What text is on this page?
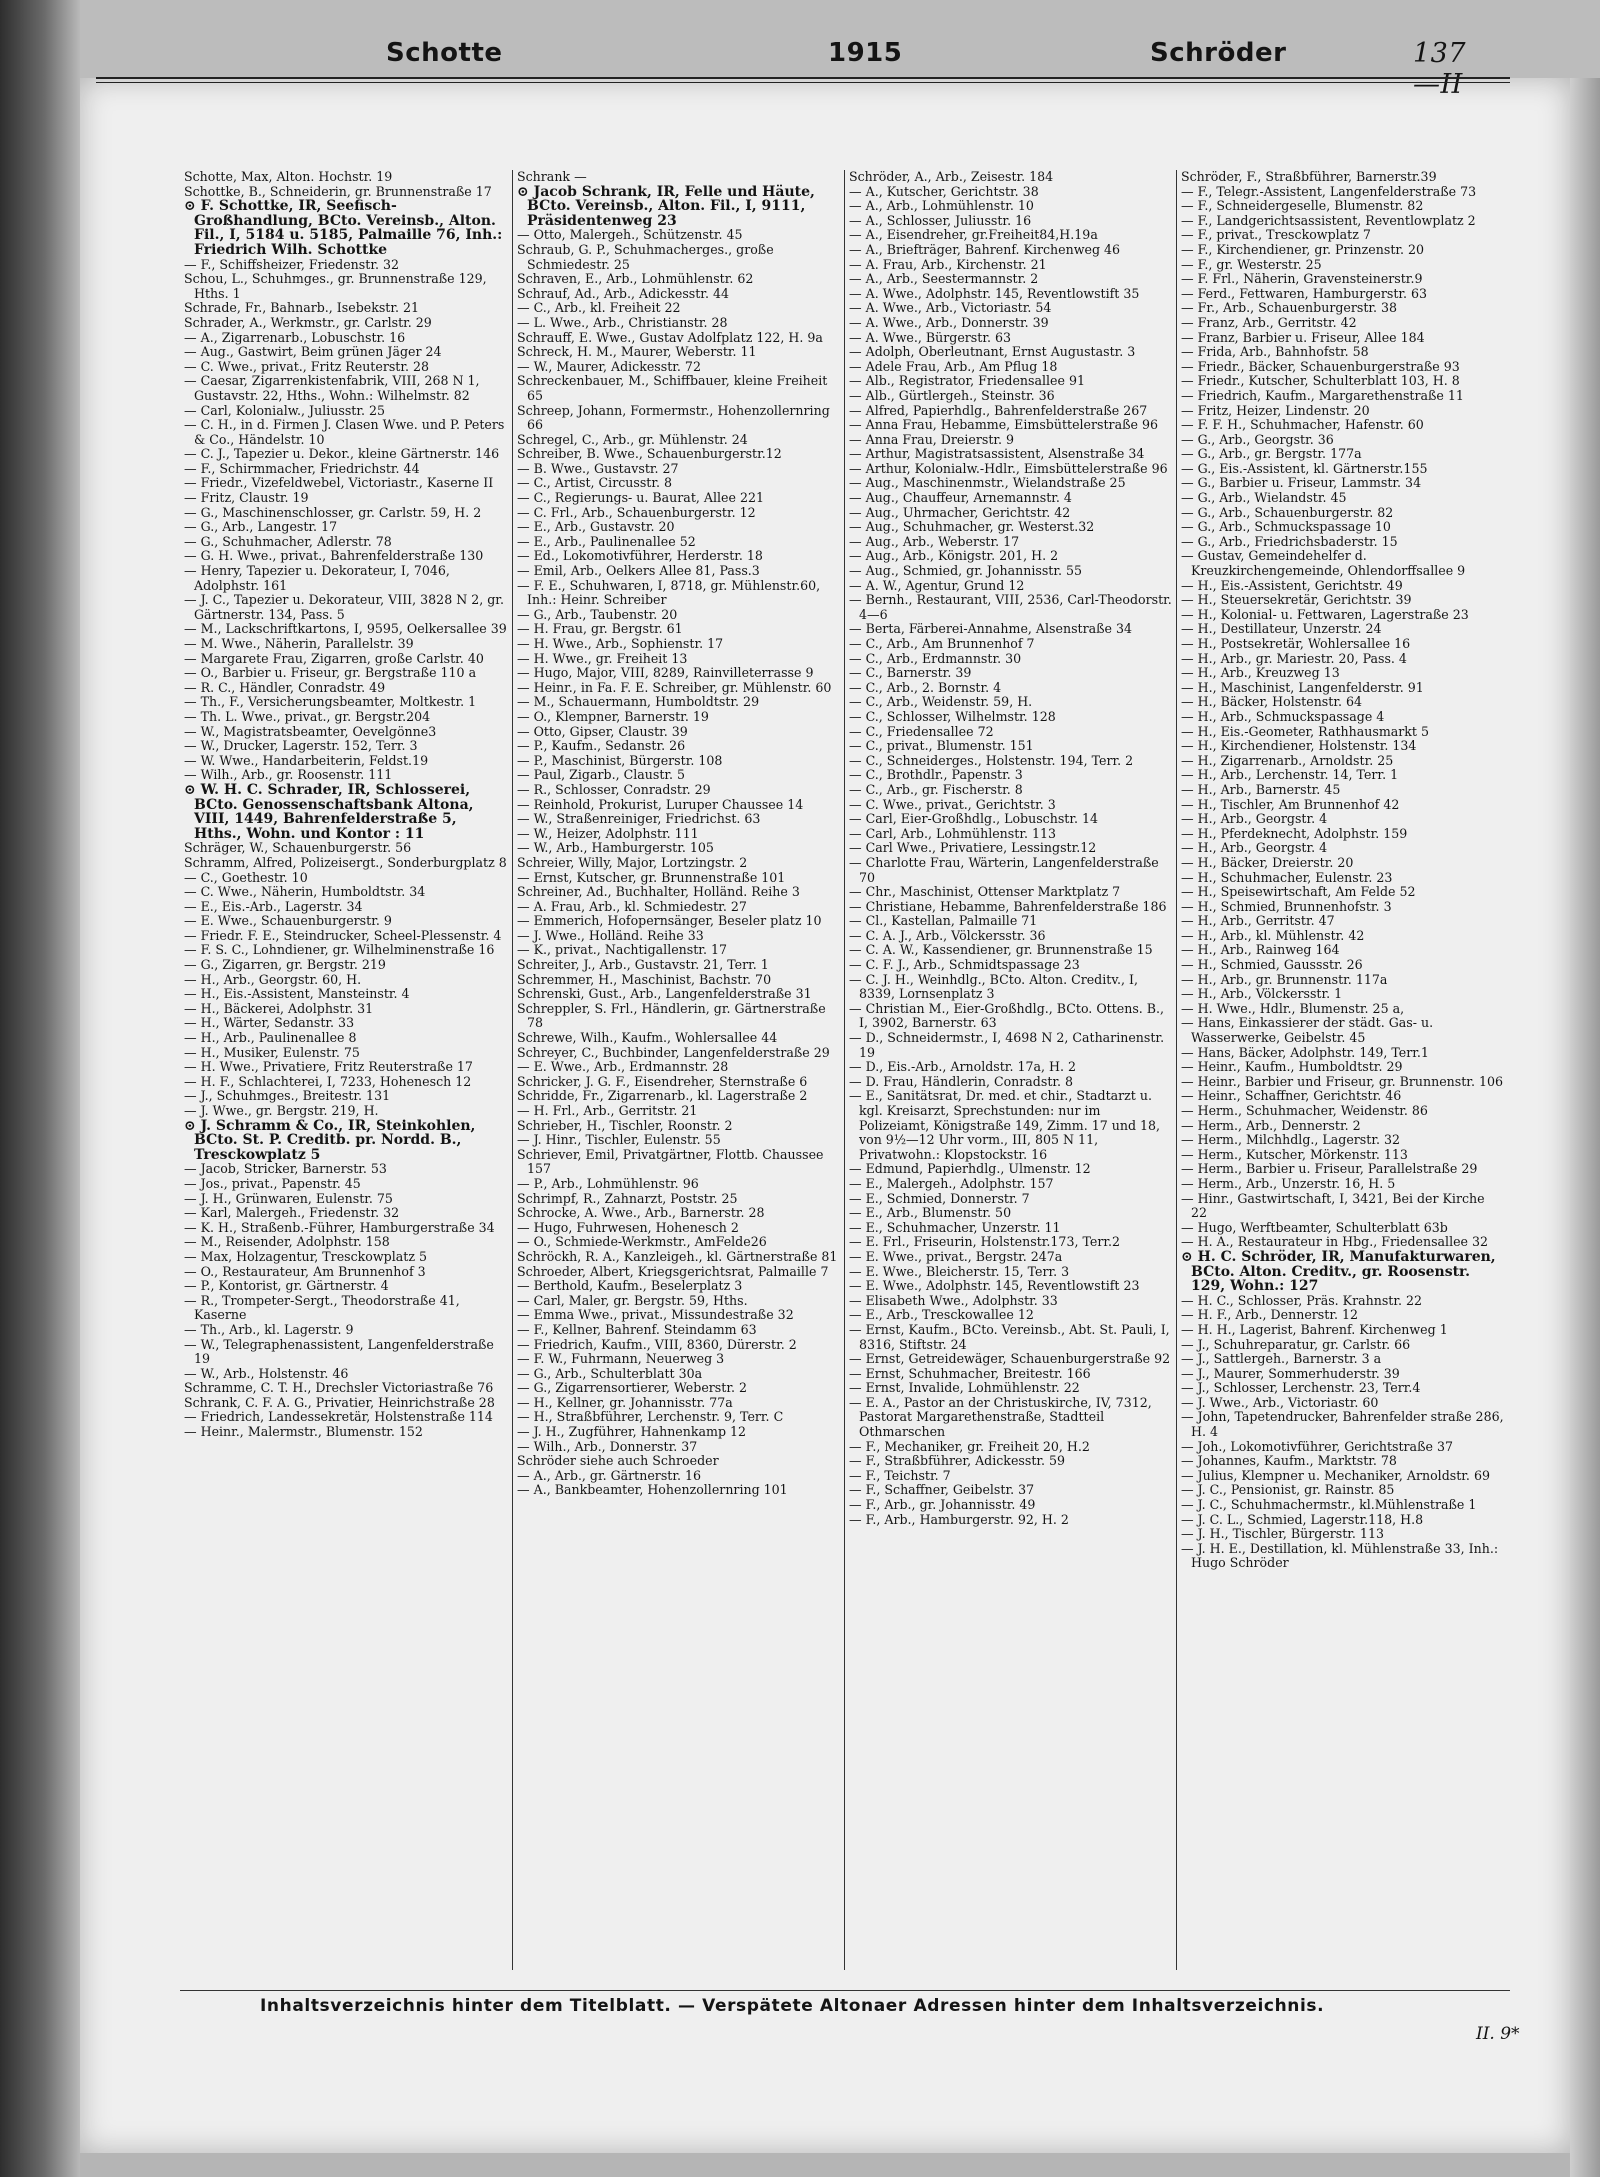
Schotte	1915	Schröder	137—II

Schotte, Max, Alton. Hochstr. 19

Schottke, B., Schneiderin, gr. Brunnenstraße 17

⊙ F. Schottke, IR, Seefisch-Großhandlung, BCto. Vereinsb., Alton. Fil., I, 5184 u. 5185, Palmaille 76, Inh.: Friedrich Wilh. Schottke

— F., Schiffsheizer, Friedenstr. 32

Schou, L., Schuhmges., gr. Brunnenstraße 129, Hths. 1

Schrade, Fr., Bahnarb., Isebekstr. 21

Schrader, A., Werkmstr., gr. Carlstr. 29

— A., Zigarrenarb., Lobuschstr. 16

— Aug., Gastwirt, Beim grünen Jäger 24

— C. Wwe., privat., Fritz Reuterstr. 28

— Caesar, Zigarrenkistenfabrik, VIII, 268 N 1, Gustavstr. 22, Hths., Wohn.: Wilhelmstr. 82

— Carl, Kolonialw., Juliusstr. 25

— C. H., in d. Firmen J. Clasen Wwe. und P. Peters & Co., Händelstr. 10

— C. J., Tapezier u. Dekor., kleine Gärtnerstr. 146

— F., Schirmmacher, Friedrichstr. 44

— Friedr., Vizefeldwebel, Victoriastr., Kaserne II

— Fritz, Claustr. 19

— G., Maschinenschlosser, gr. Carlstr. 59, H. 2

— G., Arb., Langestr. 17

— G., Schuhmacher, Adlerstr. 78

— G. H. Wwe., privat., Bahrenfelderstraße 130

— Henry, Tapezier u. Dekorateur, I, 7046, Adolphstr. 161

— J. C., Tapezier u. Dekorateur, VIII, 3828 N 2, gr. Gärtnerstr. 134, Pass. 5

— M., Lackschriftkartons, I, 9595, Oelkersallee 39

— M. Wwe., Näherin, Parallelstr. 39

— Margarete Frau, Zigarren, große Carlstr. 40

— O., Barbier u. Friseur, gr. Bergstraße 110 a

— R. C., Händler, Conradstr. 49

— Th., F., Versicherungsbeamter, Moltkestr. 1

— Th. L. Wwe., privat., gr. Bergstr.204

— W., Magistratsbeamter, Oevelgönne3

— W., Drucker, Lagerstr. 152, Terr. 3

— W. Wwe., Handarbeiterin, Feldst.19

— Wilh., Arb., gr. Roosenstr. 111

⊙ W. H. C. Schrader, IR, Schlosserei, BCto. Genossenschaftsbank Altona, VIII, 1449, Bahrenfelderstraße 5, Hths., Wohn. und Kontor : 11

Schräger, W., Schauenburgerstr. 56

Schramm, Alfred, Polizeisergt., Sonderburgplatz 8

— C., Goethestr. 10

— C. Wwe., Näherin, Humboldtstr. 34

— E., Eis.-Arb., Lagerstr. 34

— E. Wwe., Schauenburgerstr. 9

— Friedr. F. E., Steindrucker, Scheel-Plessenstr. 4

— F. S. C., Lohndiener, gr. Wilhelminenstraße 16

— G., Zigarren, gr. Bergstr. 219

— H., Arb., Georgstr. 60, H.

— H., Eis.-Assistent, Mansteinstr. 4

— H., Bäckerei, Adolphstr. 31

— H., Wärter, Sedanstr. 33

— H., Arb., Paulinenallee 8

— H., Musiker, Eulenstr. 75

— H. Wwe., Privatiere, Fritz Reuterstraße 17

— H. F., Schlachterei, I, 7233, Hohenesch 12

— J., Schuhmges., Breitestr. 131

— J. Wwe., gr. Bergstr. 219, H.

⊙ J. Schramm & Co., IR, Steinkohlen, BCto. St. P. Creditb. pr. Nordd. B., Tresckowplatz 5

— Jacob, Stricker, Barnerstr. 53

— Jos., privat., Papenstr. 45

— J. H., Grünwaren, Eulenstr. 75

— Karl, Malergeh., Friedenstr. 32

— K. H., Straßenb.-Führer, Hamburgerstraße 34

— M., Reisender, Adolphstr. 158

— Max, Holzagentur, Tresckowplatz 5

— O., Restaurateur, Am Brunnenhof 3

— P., Kontorist, gr. Gärtnerstr. 4

— R., Trompeter-Sergt., Theodorstraße 41, Kaserne

— Th., Arb., kl. Lagerstr. 9

— W., Telegraphenassistent, Langenfelderstraße 19

— W., Arb., Holstenstr. 46

Schramme, C. T. H., Drechsler Victoriastraße 76

Schrank, C. F. A. G., Privatier, Heinrichstraße 28

— Friedrich, Landessekretär, Holstenstraße 114

— Heinr., Malermstr., Blumenstr. 152

Schrank —

⊙ Jacob Schrank, IR, Felle und Häute, BCto. Vereinsb., Alton. Fil., I, 9111, Präsidentenweg 23

— Otto, Malergeh., Schützenstr. 45

Schraub, G. P., Schuhmacherges., große Schmiedestr. 25

Schraven, E., Arb., Lohmühlenstr. 62

Schrauf, Ad., Arb., Adickesstr. 44

— C., Arb., kl. Freiheit 22

— L. Wwe., Arb., Christianstr. 28

Schrauff, E. Wwe., Gustav Adolfplatz 122, H. 9a

Schreck, H. M., Maurer, Weberstr. 11

— W., Maurer, Adickesstr. 72

Schreckenbauer, M., Schiffbauer, kleine Freiheit 65

Schreep, Johann, Formermstr., Hohenzollernring 66

Schregel, C., Arb., gr. Mühlenstr. 24

Schreiber, B. Wwe., Schauenburgerstr.12

— B. Wwe., Gustavstr. 27

— C., Artist, Circusstr. 8

— C., Regierungs- u. Baurat, Allee 221

— C. Frl., Arb., Schauenburgerstr. 12

— E., Arb., Gustavstr. 20

— E., Arb., Paulinenallee 52

— Ed., Lokomotivführer, Herderstr. 18

— Emil, Arb., Oelkers Allee 81, Pass.3

— F. E., Schuhwaren, I, 8718, gr. Mühlenstr.60, Inh.: Heinr. Schreiber

— G., Arb., Taubenstr. 20

— H. Frau, gr. Bergstr. 61

— H. Wwe., Arb., Sophienstr. 17

— H. Wwe., gr. Freiheit 13

— Hugo, Major, VIII, 8289, Rainvilleterrasse 9

— Heinr., in Fa. F. E. Schreiber, gr. Mühlenstr. 60

— M., Schauermann, Humboldtstr. 29

— O., Klempner, Barnerstr. 19

— Otto, Gipser, Claustr. 39

— P., Kaufm., Sedanstr. 26

— P., Maschinist, Bürgerstr. 108

— Paul, Zigarb., Claustr. 5

— R., Schlosser, Conradstr. 29

— Reinhold, Prokurist, Luruper Chaussee 14

— W., Straßenreiniger, Friedrichst. 63

— W., Heizer, Adolphstr. 111

— W., Arb., Hamburgerstr. 105

Schreier, Willy, Major, Lortzingstr. 2

— Ernst, Kutscher, gr. Brunnenstraße 101

Schreiner, Ad., Buchhalter, Holländ. Reihe 3

— A. Frau, Arb., kl. Schmiedestr. 27

— Emmerich, Hofopernsänger, Beseler platz 10

— J. Wwe., Holländ. Reihe 33

— K., privat., Nachtigallenstr. 17

Schreiter, J., Arb., Gustavstr. 21, Terr. 1

Schremmer, H., Maschinist, Bachstr. 70

Schrenski, Gust., Arb., Langenfelderstraße 31

Schreppler, S. Frl., Händlerin, gr. Gärtnerstraße 78

Schrewe, Wilh., Kaufm., Wohlersallee 44

Schreyer, C., Buchbinder, Langenfelderstraße 29

— E. Wwe., Arb., Erdmannstr. 28

Schricker, J. G. F., Eisendreher, Sternstraße 6

Schridde, Fr., Zigarrenarb., kl. Lagerstraße 2

— H. Frl., Arb., Gerritstr. 21

Schrieber, H., Tischler, Roonstr. 2

— J. Hinr., Tischler, Eulenstr. 55

Schriever, Emil, Privatgärtner, Flottb. Chaussee 157

— P., Arb., Lohmühlenstr. 96

Schrimpf, R., Zahnarzt, Poststr. 25

Schrocke, A. Wwe., Arb., Barnerstr. 28

— Hugo, Fuhrwesen, Hohenesch 2

— O., Schmiede-Werkmstr., AmFelde26

Schröckh, R. A., Kanzleigeh., kl. Gärtnerstraße 81

Schroeder, Albert, Kriegsgerichtsrat, Palmaille 7

— Berthold, Kaufm., Beselerplatz 3

— Carl, Maler, gr. Bergstr. 59, Hths.

— Emma Wwe., privat., Missundestraße 32

— F., Kellner, Bahrenf. Steindamm 63

— Friedrich, Kaufm., VIII, 8360, Dürerstr. 2

— F. W., Fuhrmann, Neuerweg 3

— G., Arb., Schulterblatt 30a

— G., Zigarrensortierer, Weberstr. 2

— H., Kellner, gr. Johannisstr. 77a

— H., Straßbführer, Lerchenstr. 9, Terr. C

— J. H., Zugführer, Hahnenkamp 12

— Wilh., Arb., Donnerstr. 37

Schröder siehe auch Schroeder

— A., Arb., gr. Gärtnerstr. 16

— A., Bankbeamter, Hohenzollernring 101

Schröder, A., Arb., Zeisestr. 184

— A., Kutscher, Gerichtstr. 38

— A., Arb., Lohmühlenstr. 10

— A., Schlosser, Juliusstr. 16

— A., Eisendreher, gr.Freiheit84,H.19a

— A., Briefträger, Bahrenf. Kirchenweg 46

— A. Frau, Arb., Kirchenstr. 21

— A., Arb., Seestermannstr. 2

— A. Wwe., Adolphstr. 145, Reventlowstift 35

— A. Wwe., Arb., Victoriastr. 54

— A. Wwe., Arb., Donnerstr. 39

— A. Wwe., Bürgerstr. 63

— Adolph, Oberleutnant, Ernst Augustastr. 3

— Adele Frau, Arb., Am Pflug 18

— Alb., Registrator, Friedensallee 91

— Alb., Gürtlergeh., Steinstr. 36

— Alfred, Papierhdlg., Bahrenfelderstraße 267

— Anna Frau, Hebamme, Eimsbüttelerstraße 96

— Anna Frau, Dreierstr. 9

— Arthur, Magistratsassistent, Alsenstraße 34

— Arthur, Kolonialw.-Hdlr., Eimsbüttelerstraße 96

— Aug., Maschinenmstr., Wielandstraße 25

— Aug., Chauffeur, Arnemannstr. 4

— Aug., Uhrmacher, Gerichtstr. 42

— Aug., Schuhmacher, gr. Westerst.32

— Aug., Arb., Weberstr. 17

— Aug., Arb., Königstr. 201, H. 2

— Aug., Schmied, gr. Johannisstr. 55

— A. W., Agentur, Grund 12

— Bernh., Restaurant, VIII, 2536, Carl-Theodorstr. 4—6

— Berta, Färberei-Annahme, Alsenstraße 34

— C., Arb., Am Brunnenhof 7

— C., Arb., Erdmannstr. 30

— C., Barnerstr. 39

— C., Arb., 2. Bornstr. 4

— C., Arb., Weidenstr. 59, H.

— C., Schlosser, Wilhelmstr. 128

— C., Friedensallee 72

— C., privat., Blumenstr. 151

— C., Schneiderges., Holstenstr. 194, Terr. 2

— C., Brothdlr., Papenstr. 3

— C., Arb., gr. Fischerstr. 8

— C. Wwe., privat., Gerichtstr. 3

— Carl, Eier-Großhdlg., Lobuschstr. 14

— Carl, Arb., Lohmühlenstr. 113

— Carl Wwe., Privatiere, Lessingstr.12

— Charlotte Frau, Wärterin, Langenfelderstraße 70

— Chr., Maschinist, Ottenser Marktplatz 7

— Christiane, Hebamme, Bahrenfelderstraße 186

— Cl., Kastellan, Palmaille 71

— C. A. J., Arb., Völckersstr. 36

— C. A. W., Kassendiener, gr. Brunnenstraße 15

— C. F. J., Arb., Schmidtspassage 23

— C. J. H., Weinhdlg., BCto. Alton. Creditv., I, 8339, Lornsenplatz 3

— Christian M., Eier-Großhdlg., BCto. Ottens. B., I, 3902, Barnerstr. 63

— D., Schneidermstr., I, 4698 N 2, Catharinenstr. 19

— D., Eis.-Arb., Arnoldstr. 17a, H. 2

— D. Frau, Händlerin, Conradstr. 8

— E., Sanitätsrat, Dr. med. et chir., Stadtarzt u. kgl. Kreisarzt, Sprechstunden: nur im Polizeiamt, Königstraße 149, Zimm. 17 und 18, von 9½—12 Uhr vorm., III, 805 N 11, Privatwohn.: Klopstockstr. 16

— Edmund, Papierhdlg., Ulmenstr. 12

— E., Malergeh., Adolphstr. 157

— E., Schmied, Donnerstr. 7

— E., Arb., Blumenstr. 50

— E., Schuhmacher, Unzerstr. 11

— E. Frl., Friseurin, Holstenstr.173, Terr.2

— E. Wwe., privat., Bergstr. 247a

— E. Wwe., Bleicherstr. 15, Terr. 3

— E. Wwe., Adolphstr. 145, Reventlowstift 23

— Elisabeth Wwe., Adolphstr. 33

— E., Arb., Tresckowallee 12

— Ernst, Kaufm., BCto. Vereinsb., Abt. St. Pauli, I, 8316, Stiftstr. 24

— Ernst, Getreidewäger, Schauenburgerstraße 92

— Ernst, Schuhmacher, Breitestr. 166

— Ernst, Invalide, Lohmühlenstr. 22

— E. A., Pastor an der Christuskirche, IV, 7312, Pastorat Margarethenstraße, Stadtteil Othmarschen

— F., Mechaniker, gr. Freiheit 20, H.2

— F., Straßbführer, Adickesstr. 59

— F., Teichstr. 7

— F., Schaffner, Geibelstr. 37

— F., Arb., gr. Johannisstr. 49

— F., Arb., Hamburgerstr. 92, H. 2

Schröder, F., Straßbführer, Barnerstr.39

— F., Telegr.-Assistent, Langenfelderstraße 73

— F., Schneidergeselle, Blumenstr. 82

— F., Landgerichtsassistent, Reventlowplatz 2

— F., privat., Tresckowplatz 7

— F., Kirchendiener, gr. Prinzenstr. 20

— F., gr. Westerstr. 25

— F. Frl., Näherin, Gravensteinerstr.9

— Ferd., Fettwaren, Hamburgerstr. 63

— Fr., Arb., Schauenburgerstr. 38

— Franz, Arb., Gerritstr. 42

— Franz, Barbier u. Friseur, Allee 184

— Frida, Arb., Bahnhofstr. 58

— Friedr., Bäcker, Schauenburgerstraße 93

— Friedr., Kutscher, Schulterblatt 103, H. 8

— Friedrich, Kaufm., Margarethenstraße 11

— Fritz, Heizer, Lindenstr. 20

— F. F. H., Schuhmacher, Hafenstr. 60

— G., Arb., Georgstr. 36

— G., Arb., gr. Bergstr. 177a

— G., Eis.-Assistent, kl. Gärtnerstr.155

— G., Barbier u. Friseur, Lammstr. 34

— G., Arb., Wielandstr. 45

— G., Arb., Schauenburgerstr. 82

— G., Arb., Schmuckspassage 10

— G., Arb., Friedrichsbaderstr. 15

— Gustav, Gemeindehelfer d. Kreuzkirchengemeinde, Ohlendorffsallee 9

— H., Eis.-Assistent, Gerichtstr. 49

— H., Steuersekretär, Gerichtstr. 39

— H., Kolonial- u. Fettwaren, Lagerstraße 23

— H., Destillateur, Unzerstr. 24

— H., Postsekretär, Wohlersallee 16

— H., Arb., gr. Mariestr. 20, Pass. 4

— H., Arb., Kreuzweg 13

— H., Maschinist, Langenfelderstr. 91

— H., Bäcker, Holstenstr. 64

— H., Arb., Schmuckspassage 4

— H., Eis.-Geometer, Rathhausmarkt 5

— H., Kirchendiener, Holstenstr. 134

— H., Zigarrenarb., Arnoldstr. 25

— H., Arb., Lerchenstr. 14, Terr. 1

— H., Arb., Barnerstr. 45

— H., Tischler, Am Brunnenhof 42

— H., Arb., Georgstr. 4

— H., Pferdeknecht, Adolphstr. 159

— H., Arb., Georgstr. 4

— H., Bäcker, Dreierstr. 20

— H., Schuhmacher, Eulenstr. 23

— H., Speisewirtschaft, Am Felde 52

— H., Schmied, Brunnenhofstr. 3

— H., Arb., Gerritstr. 47

— H., Arb., kl. Mühlenstr. 42

— H., Arb., Rainweg 164

— H., Schmied, Gaussstr. 26

— H., Arb., gr. Brunnenstr. 117a

— H., Arb., Völckersstr. 1

— H. Wwe., Hdlr., Blumenstr. 25 a,

— Hans, Einkassierer der städt. Gas- u. Wasserwerke, Geibelstr. 45

— Hans, Bäcker, Adolphstr. 149, Terr.1

— Heinr., Kaufm., Humboldtstr. 29

— Heinr., Barbier und Friseur, gr. Brunnenstr. 106

— Heinr., Schaffner, Gerichtstr. 46

— Herm., Schuhmacher, Weidenstr. 86

— Herm., Arb., Dennerstr. 2

— Herm., Milchhdlg., Lagerstr. 32

— Herm., Kutscher, Mörkenstr. 113

— Herm., Barbier u. Friseur, Parallelstraße 29

— Herm., Arb., Unzerstr. 16, H. 5

— Hinr., Gastwirtschaft, I, 3421, Bei der Kirche 22

— Hugo, Werftbeamter, Schulterblatt 63b

— H. A., Restaurateur in Hbg., Friedensallee 32

⊙ H. C. Schröder, IR, Manufakturwaren, BCto. Alton. Creditv., gr. Roosenstr. 129, Wohn.: 127

— H. C., Schlosser, Präs. Krahnstr. 22

— H. F., Arb., Dennerstr. 12

— H. H., Lagerist, Bahrenf. Kirchenweg 1

— J., Schuhreparatur, gr. Carlstr. 66

— J., Sattlergeh., Barnerstr. 3 a

— J., Maurer, Sommerhuderstr. 39

— J., Schlosser, Lerchenstr. 23, Terr.4

— J. Wwe., Arb., Victoriastr. 60

— John, Tapetendrucker, Bahrenfelder straße 286, H. 4

— Joh., Lokomotivführer, Gerichtstraße 37

— Johannes, Kaufm., Marktstr. 78

— Julius, Klempner u. Mechaniker, Arnoldstr. 69

— J. C., Pensionist, gr. Rainstr. 85

— J. C., Schuhmachermstr., kl.Mühlenstraße 1

— J. C. L., Schmied, Lagerstr.118, H.8

— J. H., Tischler, Bürgerstr. 113

— J. H. E., Destillation, kl. Mühlenstraße 33, Inh.: Hugo Schröder

Inhaltsverzeichnis hinter dem Titelblatt. — Verspätete Altonaer Adressen hinter dem Inhaltsverzeichnis.
II. 9*
